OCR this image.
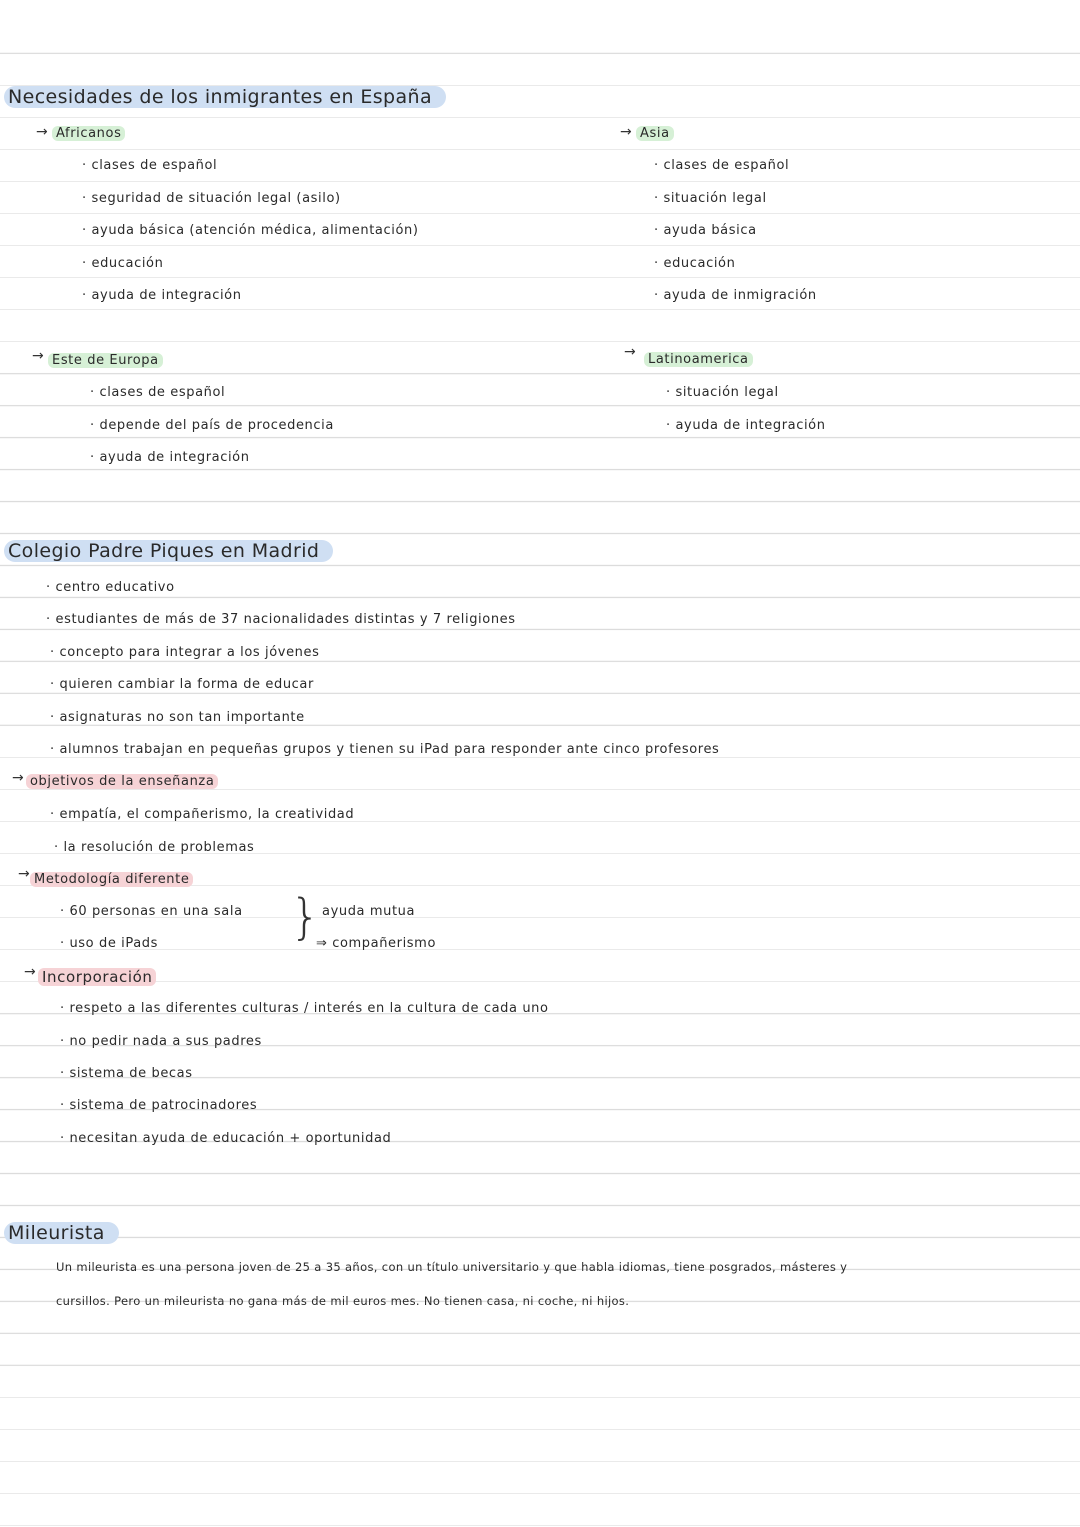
Necesidades de los inmigrantes en España
→ Africanos
· clases de español
· seguridad de situación legal (asilo)
· ayuda básica (atención médica, alimentación)
· educación
· ayuda de integración
→ Asia
· clases de español
· situación legal
· ayuda básica
· educación
· ayuda de inmigración
→ Este de Europa
· clases de español
· depende del país de procedencia
· ayuda de integración
→ Latinoamerica
· situación legal
· ayuda de integración
Colegio Padre Piques en Madrid
· centro educativo
· estudiantes de más de 37 nacionalidades distintas y 7 religiones
· concepto para integrar a los jóvenes
· quieren cambiar la forma de educar
· asignaturas no son tan importante
· alumnos trabajan en pequeñas grupos y tienen su iPad para responder ante cinco profesores
→ objetivos de la enseñanza
· empatía, el compañerismo, la creatividad
· la resolución de problemas
→ Metodología diferente
· 60 personas en una sala
· uso de iPads	} ayuda mutua
⇒ compañerismo
→ Incorporación
· respeto a las diferentes culturas / interés en la cultura de cada uno
· no pedir nada a sus padres
· sistema de becas
· sistema de patrocinadores
· necesitan ayuda de educación + oportunidad
Mileurista
Un mileurista es una persona joven de 25 a 35 años, con un título universitario y que habla idiomas, tiene posgrados, másteres y
cursillos. Pero un mileurista no gana más de mil euros mes. No tienen casa, ni coche, ni hijos.
